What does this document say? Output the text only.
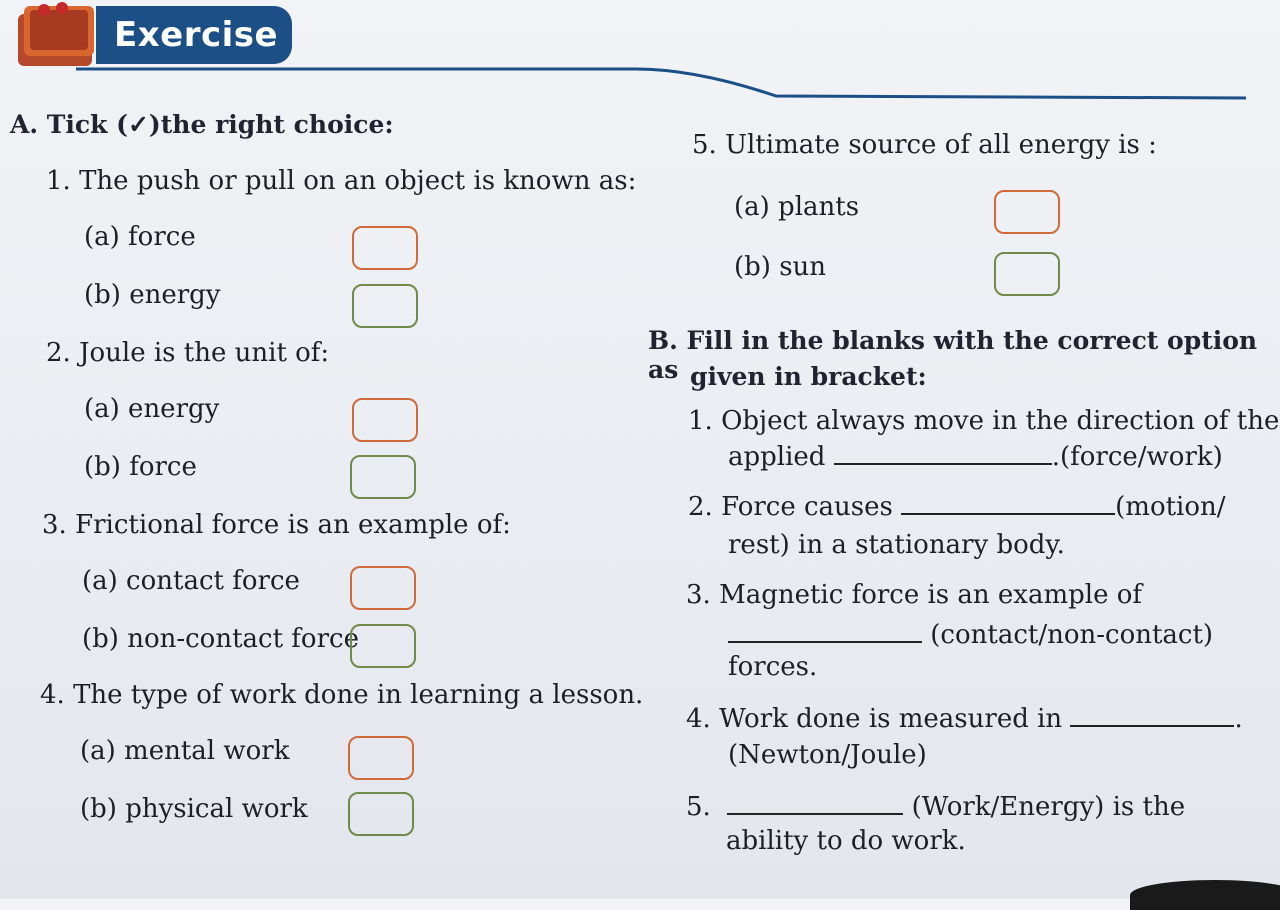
Exercise
A. Tick (✓)the right choice:
1. The push or pull on an object is known as:
(a) force
(b) energy
2. Joule is the unit of:
(a) energy
(b) force
3. Frictional force is an example of:
(a) contact force
(b) non-contact force
4. The type of work done in learning a lesson.
(a) mental work
(b) physical work
5. Ultimate source of all energy is :
(a) plants
(b) sun
B. Fill in the blanks with the correct option as given in bracket:
1. Object always move in the direction of the
applied	.(force/work)
2. Force causes	(motion/
rest) in a stationary body.
3. Magnetic force is an example of
(contact/non-contact)
forces.
4. Work done is measured in	.
(Newton/Joule)
5.	(Work/Energy) is the
ability to do work.
